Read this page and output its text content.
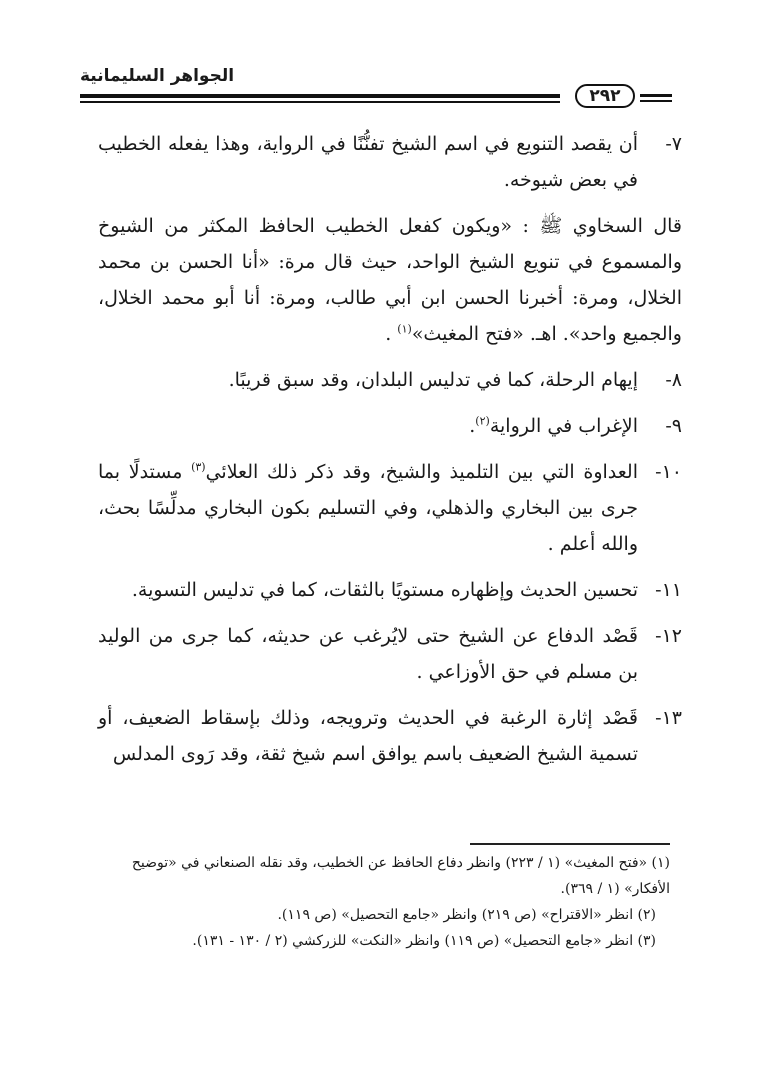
الجواهر السليمانية
٢٩٢
٧-
أن يقصد التنويع في اسم الشيخ تفنُّنًا في الرواية، وهذا يفعله الخطيب في بعض شيوخه.

قال السخاوي ﷺ : «ويكون كفعل الخطيب الحافظ المكثر من الشيوخ والمسموع في تنويع الشيخ الواحد، حيث قال مرة: «أنا الحسن بن محمد الخلال، ومرة: أخبرنا الحسن ابن أبي طالب، ومرة: أنا أبو محمد الخلال، والجميع واحد». اهـ. «فتح المغيث»$^{(١)}$ .

٨-
إيهام الرحلة، كما في تدليس البلدان، وقد سبق قريبًا.
٩-
الإغراب في الرواية$^{(٢)}$.
١٠-
العداوة التي بين التلميذ والشيخ، وقد ذكر ذلك العلائي$^{(٣)}$ مستدلًا بما جرى بين البخاري والذهلي، وفي التسليم بكون البخاري مدلِّسًا بحث، والله أعلم .
١١-
تحسين الحديث وإظهاره مستويًا بالثقات، كما في تدليس التسوية.
١٢-
قَصْد الدفاع عن الشيخ حتى لايُرغب عن حديثه، كما جرى من الوليد بن مسلم في حق الأوزاعي .
١٣-
قَصْد إثارة الرغبة في الحديث وترويجه، وذلك بإسقاط الضعيف، أو تسمية الشيخ الضعيف باسم يوافق اسم شيخ ثقة، وقد رَوى المدلس

(١) «فتح المغيث» (١ / ٢٢٣) وانظر دفاع الحافظ عن الخطيب، وقد نقله الصنعاني في «توضيح الأفكار» (١ / ٣٦٩).

(٢) انظر «الاقتراح» (ص ٢١٩) وانظر «جامع التحصيل» (ص ١١٩).

(٣) انظر «جامع التحصيل» (ص ١١٩) وانظر «النكت» للزركشي (٢ / ١٣٠ - ١٣١).
